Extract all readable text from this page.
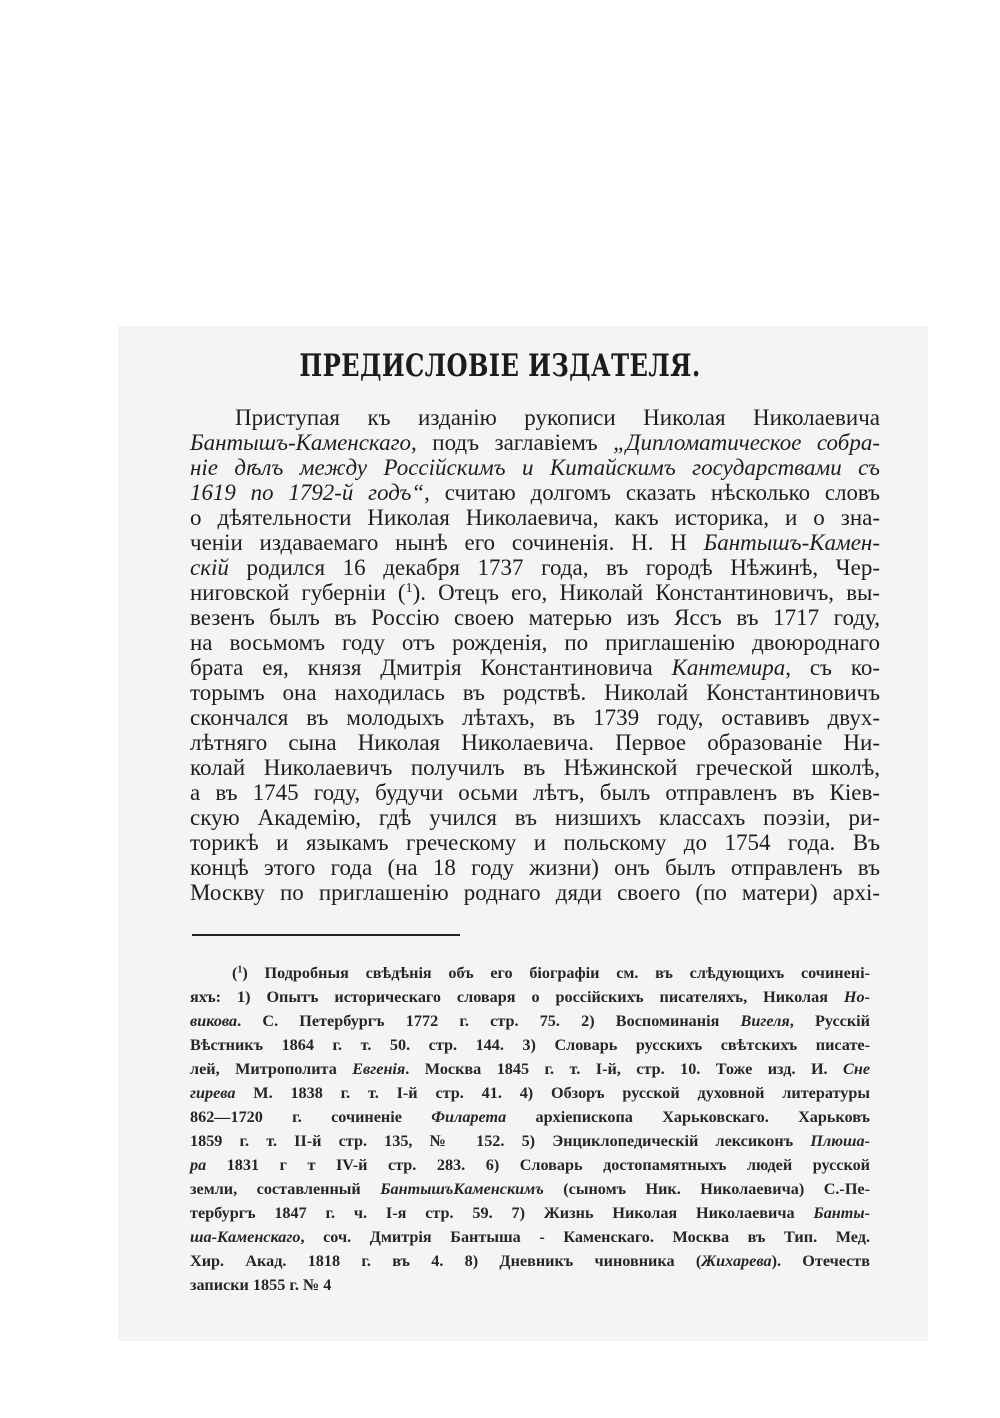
ПРЕДИСЛОВІЕ ИЗДАТЕЛЯ.
Приступая къ изданію рукописи Николая Николаевича
Бантышъ-Каменскаго, подъ заглавіемъ „Дипломатическое собра-
ніе дѣлъ между Россійскимъ и Китайскимъ государствами съ
1619 по 1792-й годъ“, считаю долгомъ сказать нѣсколько словъ
о дѣятельности Николая Николаевича, какъ историка, и о зна-
ченіи издаваемаго нынѣ его сочиненія. Н. Н Бантышъ-Камен-
скій родился 16 декабря 1737 года, въ городѣ Нѣжинѣ, Чер-
ниговской губерніи ($^1$). Отецъ его, Николай Константиновичъ, вы-
везенъ былъ въ Россію своею матерью изъ Яссъ въ 1717 году,
на восьмомъ году отъ рожденія, по приглашенію двоюроднаго
брата ея, князя Дмитрія Константиновича Кантемира, съ ко-
торымъ она находилась въ родствѣ. Николай Константиновичъ
скончался въ молодыхъ лѣтахъ, въ 1739 году, оставивъ двух-
лѣтняго сына Николая Николаевича. Первое образованіе Ни-
колай Николаевичъ получилъ въ Нѣжинской греческой школѣ,
а въ 1745 году, будучи осьми лѣтъ, былъ отправленъ въ Кіев-
скую Академію, гдѣ учился въ низшихъ классахъ поэзіи, ри-
торикѣ и языкамъ греческому и польскому до 1754 года. Въ
концѣ этого года (на 18 году жизни) онъ былъ отправленъ въ
Москву по приглашенію роднаго дяди своего (по матери) архі-
($^1$) Подробныя свѣдѣнія объ его біографіи см. въ слѣдующихъ сочинені-
яхъ: 1) Опытъ историческаго словаря о россійскихъ писателяхъ, Николая Но-
викова. С. Петербургъ 1772 г. стр. 75. 2) Воспоминанія Вигеля, Русскій
Вѣстникъ 1864 г. т. 50. стр. 144. 3) Словарь русскихъ свѣтскихъ писате-
лей, Митрополита Евгенія. Москва 1845 г. т. I-й, стр. 10. Тоже изд. И. Сне
гирева М. 1838 г. т. I-й стр. 41. 4) Обзоръ русской духовной литературы
862—1720 г. сочиненіе Филарета архіепископа Харьковскаго. Харьковъ
1859 г. т. II-й стр. 135, № 152. 5) Энциклопедическій лексиконъ Плюша-
ра 1831 г т IV-й стр. 283. 6) Словарь достопамятныхъ людей русской
земли, составленный БантышъКаменскимъ (сыномъ Ник. Николаевича) С.-Пе-
тербургъ 1847 г. ч. I-я стр. 59. 7) Жизнь Николая Николаевича Банты-
ша-Каменскаго, соч. Дмитрія Бантыша - Каменскаго. Москва въ Тип. Мед.
Хир. Акад. 1818 г. въ 4. 8) Дневникъ чиновника (Жихарева). Отечеств
записки 1855 г. № 4
